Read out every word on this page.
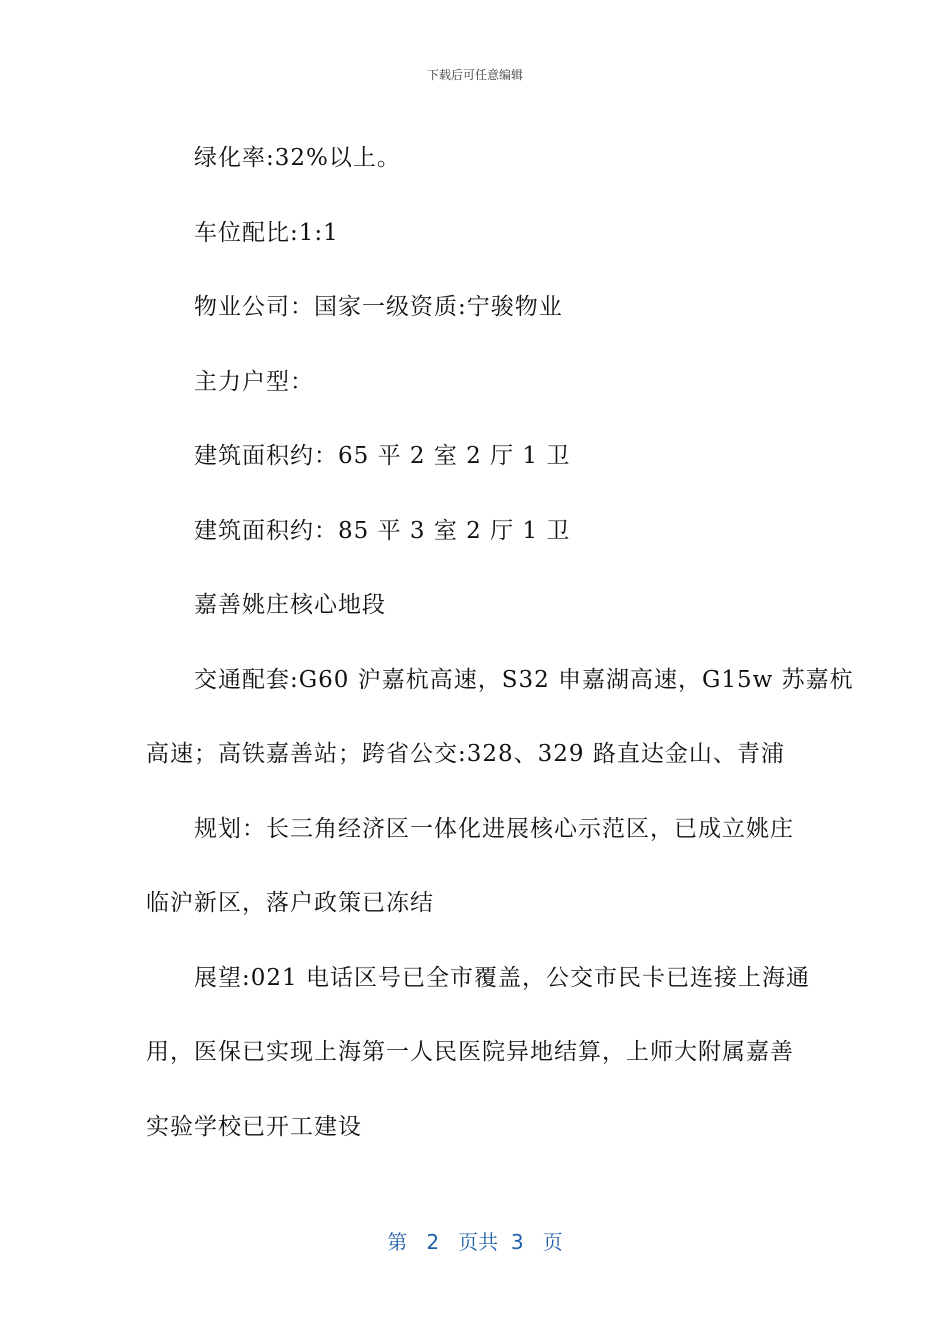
下载后可任意编辑

绿化率:32%以上。

车位配比:1:1

物业公司：国家一级资质:宁骏物业

主力户型：

建筑面积约：65 平 2 室 2 厅 1 卫

建筑面积约：85 平 3 室 2 厅 1 卫

嘉善姚庄核心地段

交通配套:G60 沪嘉杭高速，S32 申嘉湖高速，G15w 苏嘉杭

高速；高铁嘉善站；跨省公交:328、329 路直达金山、青浦

规划：长三角经济区一体化进展核心示范区，已成立姚庄

临沪新区，落户政策已冻结

展望:021 电话区号已全市覆盖，公交市民卡已连接上海通

用，医保已实现上海第一人民医院异地结算，上师大附属嘉善

实验学校已开工建设

第 2 页共 3 页
